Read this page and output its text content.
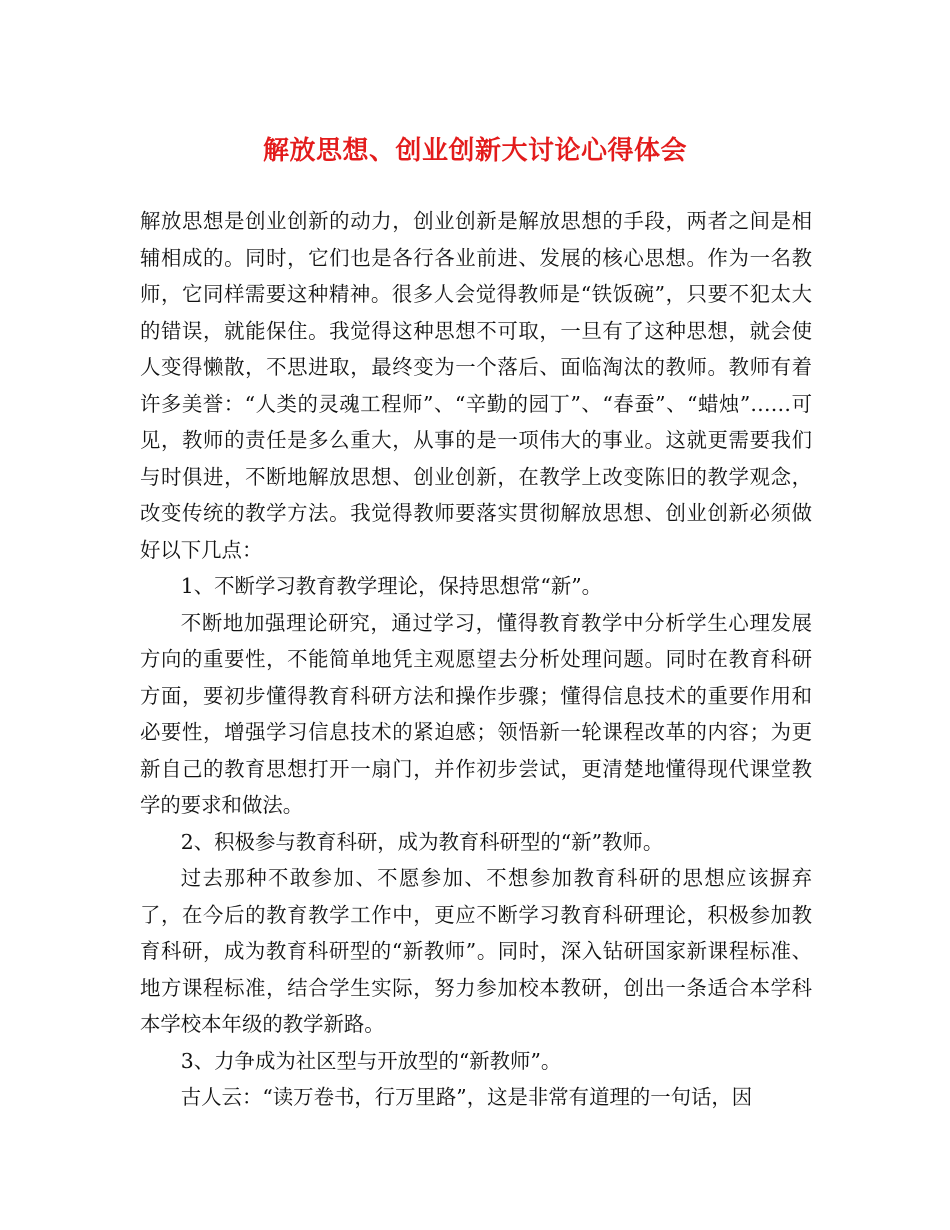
解放思想、创业创新大讨论心得体会

解放思想是创业创新的动力，创业创新是解放思想的手段，两者之间是相辅相成的。同时，它们也是各行各业前进、发展的核心思想。作为一名教师，它同样需要这种精神。很多人会觉得教师是“铁饭碗”，只要不犯太大的错误，就能保住。我觉得这种思想不可取，一旦有了这种思想，就会使人变得懒散，不思进取，最终变为一个落后、面临淘汰的教师。教师有着许多美誉：“人类的灵魂工程师”、“辛勤的园丁”、“春蚕”、“蜡烛”……可见，教师的责任是多么重大，从事的是一项伟大的事业。这就更需要我们与时俱进，不断地解放思想、创业创新，在教学上改变陈旧的教学观念，改变传统的教学方法。我觉得教师要落实贯彻解放思想、创业创新必须做好以下几点：

1、不断学习教育教学理论，保持思想常“新”。

不断地加强理论研究，通过学习，懂得教育教学中分析学生心理发展方向的重要性，不能简单地凭主观愿望去分析处理问题。同时在教育科研方面，要初步懂得教育科研方法和操作步骤；懂得信息技术的重要作用和必要性，增强学习信息技术的紧迫感；领悟新一轮课程改革的内容；为更新自己的教育思想打开一扇门，并作初步尝试，更清楚地懂得现代课堂教学的要求和做法。

2、积极参与教育科研，成为教育科研型的“新”教师。

过去那种不敢参加、不愿参加、不想参加教育科研的思想应该摒弃了，在今后的教育教学工作中，更应不断学习教育科研理论，积极参加教育科研，成为教育科研型的“新教师”。同时，深入钻研国家新课程标准、地方课程标准，结合学生实际，努力参加校本教研，创出一条适合本学科本学校本年级的教学新路。

3、力争成为社区型与开放型的“新教师”。

古人云：“读万卷书，行万里路”，这是非常有道理的一句话，因
